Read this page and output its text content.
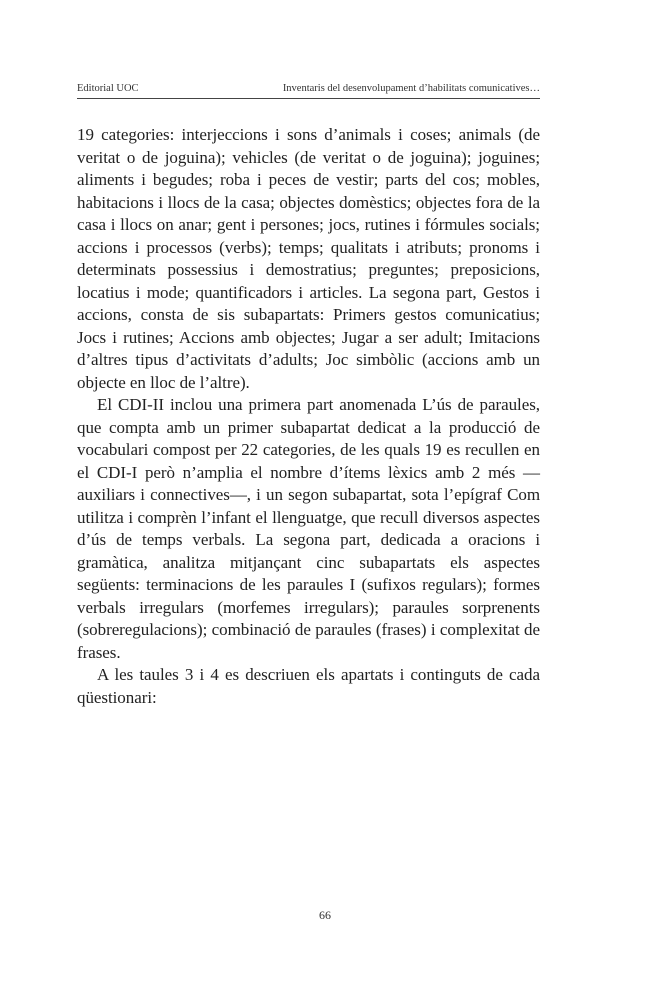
Editorial UOC	Inventaris del desenvolupament d’habilitats comunicatives…

19 categories: interjeccions i sons d’animals i coses; animals (de veritat o de joguina); vehicles (de veritat o de joguina); joguines; aliments i begudes; roba i peces de vestir; parts del cos; mobles, habitacions i llocs de la casa; objectes domèstics; objectes fora de la casa i llocs on anar; gent i persones; jocs, rutines i fórmules socials; accions i processos (verbs); temps; qualitats i atributs; pronoms i determinats possessius i demostratius; preguntes; preposicions, locatius i mode; quantificadors i articles. La segona part, Gestos i accions, consta de sis subapartats: Primers gestos comunicatius; Jocs i rutines; Accions amb objectes; Jugar a ser adult; Imitacions d’altres tipus d’activitats d’adults; Joc simbòlic (accions amb un objecte en lloc de l’altre).

El CDI-II inclou una primera part anomenada L’ús de paraules, que compta amb un primer subapartat dedicat a la producció de vocabulari compost per 22 categories, de les quals 19 es recullen en el CDI-I però n’amplia el nombre d’ítems lèxics amb 2 més —auxiliars i connectives—, i un segon subapartat, sota l’epígraf Com utilitza i comprèn l’infant el llenguatge, que recull diversos aspectes d’ús de temps verbals. La segona part, dedicada a oracions i gramàtica, analitza mitjançant cinc subapartats els aspectes següents: terminacions de les paraules I (sufixos regulars); formes verbals irregulars (morfemes irregulars); paraules sorprenents (sobreregulacions); combinació de paraules (frases) i complexitat de frases.

A les taules 3 i 4 es descriuen els apartats i continguts de cada qüestionari:

66
